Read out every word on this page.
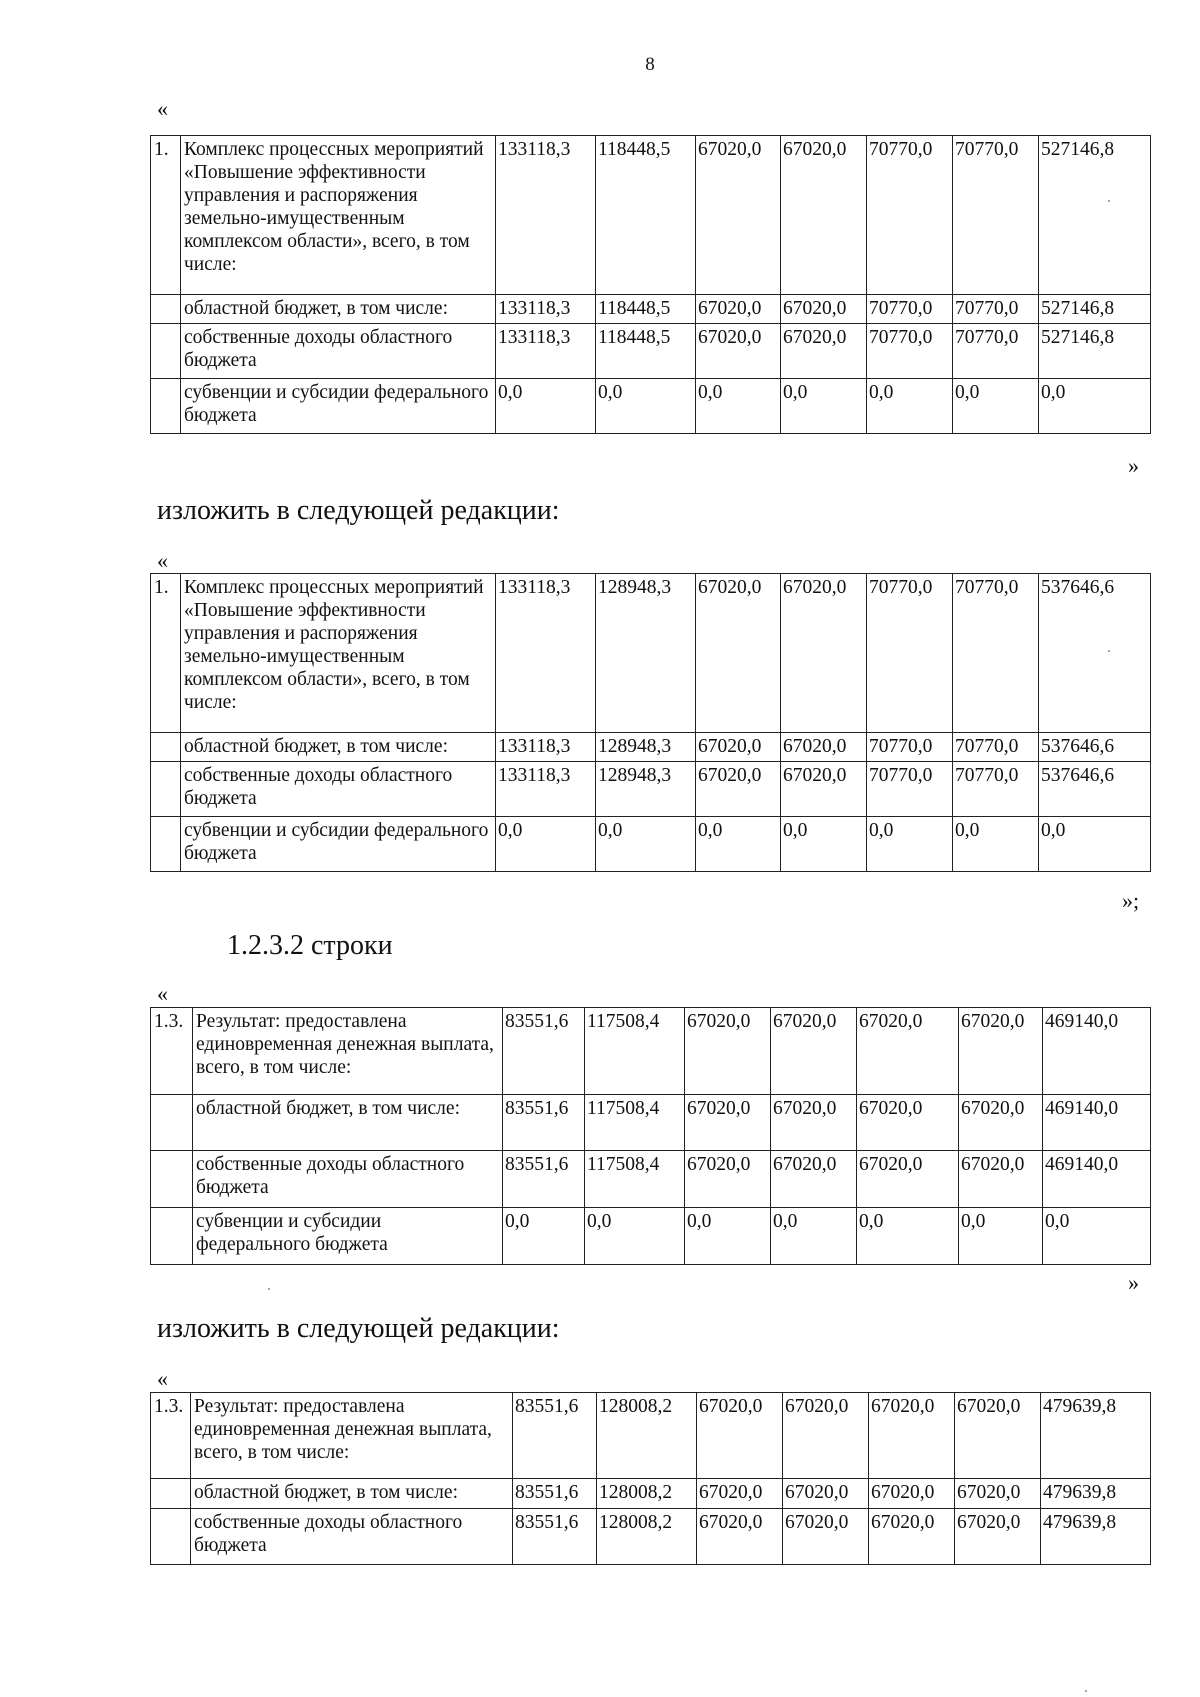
8
«
1.	Комплекс процессных мероприятий «Повышение эффективности управления и распоряжения земельно-имущественным комплексом области», всего, в том числе:	133118,3	118448,5	67020,0	67020,0	70770,0	70770,0	527146,8
	областной бюджет, в том числе:	133118,3	118448,5	67020,0	67020,0	70770,0	70770,0	527146,8
	собственные доходы областного бюджета	133118,3	118448,5	67020,0	67020,0	70770,0	70770,0	527146,8
	субвенции и субсидии федерального бюджета	0,0	0,0	0,0	0,0	0,0	0,0	0,0
»
изложить в следующей редакции:
«
1.	Комплекс процессных мероприятий «Повышение эффективности управления и распоряжения земельно-имущественным комплексом области», всего, в том числе:	133118,3	128948,3	67020,0	67020,0	70770,0	70770,0	537646,6
	областной бюджет, в том числе:	133118,3	128948,3	67020,0	67020,0	70770,0	70770,0	537646,6
	собственные доходы областного бюджета	133118,3	128948,3	67020,0	67020,0	70770,0	70770,0	537646,6
	субвенции и субсидии федерального бюджета	0,0	0,0	0,0	0,0	0,0	0,0	0,0
»;
1.2.3.2 строки
«
1.3.	Результат: предоставлена единовременная денежная выплата, всего, в том числе:	83551,6	117508,4	67020,0	67020,0	67020,0	67020,0	469140,0
	областной бюджет, в том числе:	83551,6	117508,4	67020,0	67020,0	67020,0	67020,0	469140,0
	собственные доходы областного бюджета	83551,6	117508,4	67020,0	67020,0	67020,0	67020,0	469140,0
	субвенции и субсидии федерального бюджета	0,0	0,0	0,0	0,0	0,0	0,0	0,0
»
изложить в следующей редакции:
«
1.3.	Результат: предоставлена единовременная денежная выплата, всего, в том числе:	83551,6	128008,2	67020,0	67020,0	67020,0	67020,0	479639,8
	областной бюджет, в том числе:	83551,6	128008,2	67020,0	67020,0	67020,0	67020,0	479639,8
	собственные доходы областного бюджета	83551,6	128008,2	67020,0	67020,0	67020,0	67020,0	479639,8
